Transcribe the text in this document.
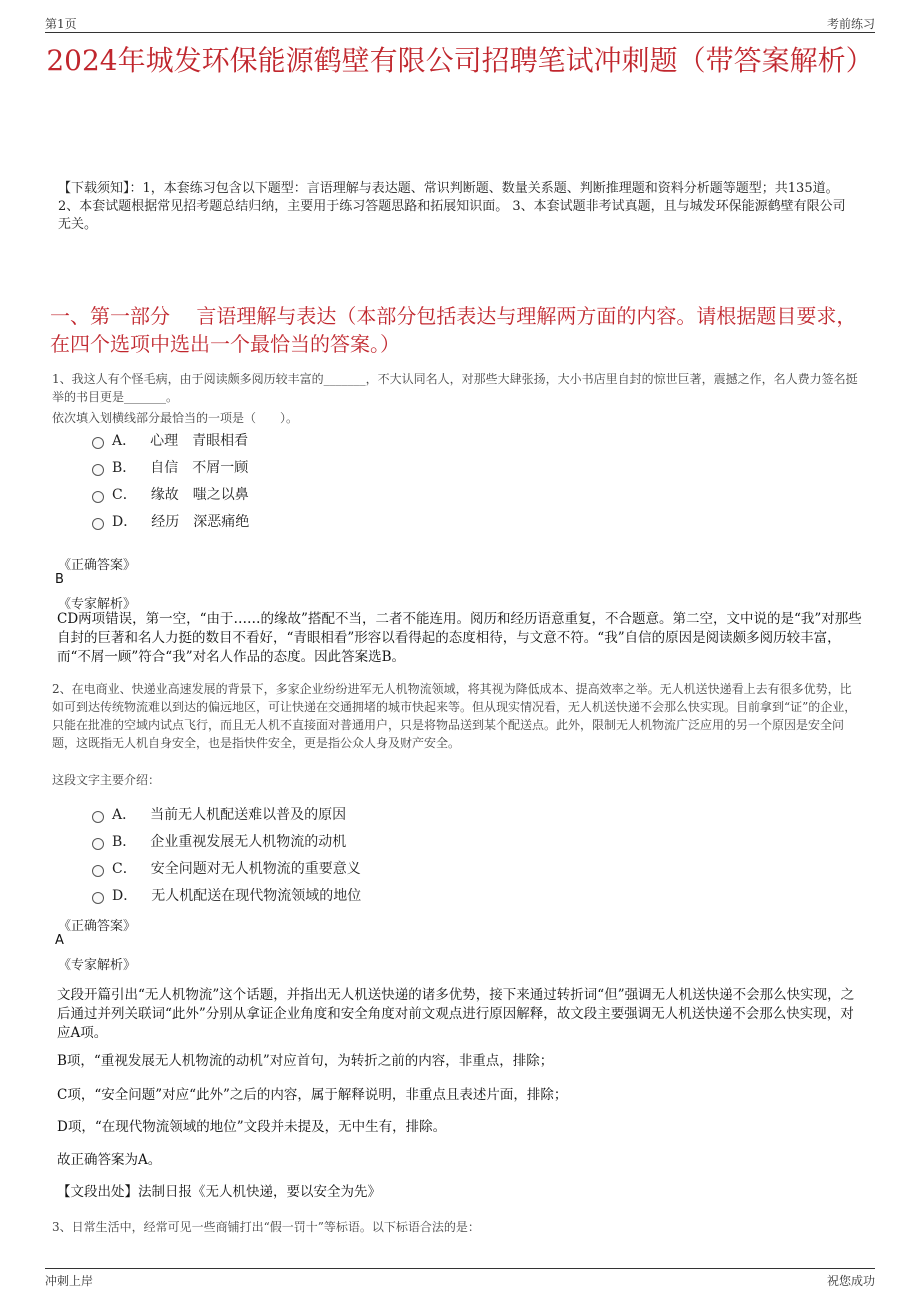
第1页	考前练习
2024年城发环保能源鹤壁有限公司招聘笔试冲刺题（带答案解析）
【下载须知】：1，本套练习包含以下题型：言语理解与表达题、常识判断题、数量关系题、判断推理题和资料分析题等题型；共135道。 2、本套试题根据常见招考题总结归纳，主要用于练习答题思路和拓展知识面。 3、本套试题非考试真题，且与城发环保能源鹤壁有限公司无关。
一、第一部分　 言语理解与表达（本部分包括表达与理解两方面的内容。请根据题目要求，在四个选项中选出一个最恰当的答案。）
1、我这人有个怪毛病，由于阅读颇多阅历较丰富的_______，不大认同名人，对那些大肆张扬，大小书店里自封的惊世巨著，震撼之作，名人费力签名挺举的书目更是_______。
依次填入划横线部分最恰当的一项是（　　）。
A． 心理　青眼相看
B． 自信　不屑一顾
C． 缘故　嗤之以鼻
D． 经历　深恶痛绝
《正确答案》
B
《专家解析》
CD两项错误，第一空，“由于……的缘故”搭配不当，二者不能连用。阅历和经历语意重复，不合题意。第二空，文中说的是“我”对那些自封的巨著和名人力挺的数目不看好，“青眼相看”形容以看得起的态度相待，与文意不符。“我”自信的原因是阅读颇多阅历较丰富，而“不屑一顾”符合“我”对名人作品的态度。因此答案选B。
2、在电商业、快递业高速发展的背景下，多家企业纷纷进军无人机物流领域，将其视为降低成本、提高效率之举。无人机送快递看上去有很多优势，比如可到达传统物流难以到达的偏远地区，可让快递在交通拥堵的城市快起来等。但从现实情况看，无人机送快递不会那么快实现。目前拿到“证”的企业，只能在批准的空域内试点飞行，而且无人机不直接面对普通用户，只是将物品送到某个配送点。此外，限制无人机物流广泛应用的另一个原因是安全问题，这既指无人机自身安全，也是指快件安全，更是指公众人身及财产安全。
这段文字主要介绍：
A． 当前无人机配送难以普及的原因
B． 企业重视发展无人机物流的动机
C． 安全问题对无人机物流的重要意义
D． 无人机配送在现代物流领域的地位
《正确答案》
A
《专家解析》
文段开篇引出“无人机物流”这个话题，并指出无人机送快递的诸多优势，接下来通过转折词“但”强调无人机送快递不会那么快实现，之后通过并列关联词“此外”分别从拿证企业角度和安全角度对前文观点进行原因解释，故文段主要强调无人机送快递不会那么快实现，对应A项。
B项，“重视发展无人机物流的动机”对应首句，为转折之前的内容，非重点，排除；
C项，“安全问题”对应“此外”之后的内容，属于解释说明，非重点且表述片面，排除；
D项，“在现代物流领域的地位”文段并未提及，无中生有，排除。
故正确答案为A。
【文段出处】法制日报《无人机快递，要以安全为先》
3、日常生活中，经常可见一些商铺打出“假一罚十”等标语。以下标语合法的是：
冲刺上岸	祝您成功
